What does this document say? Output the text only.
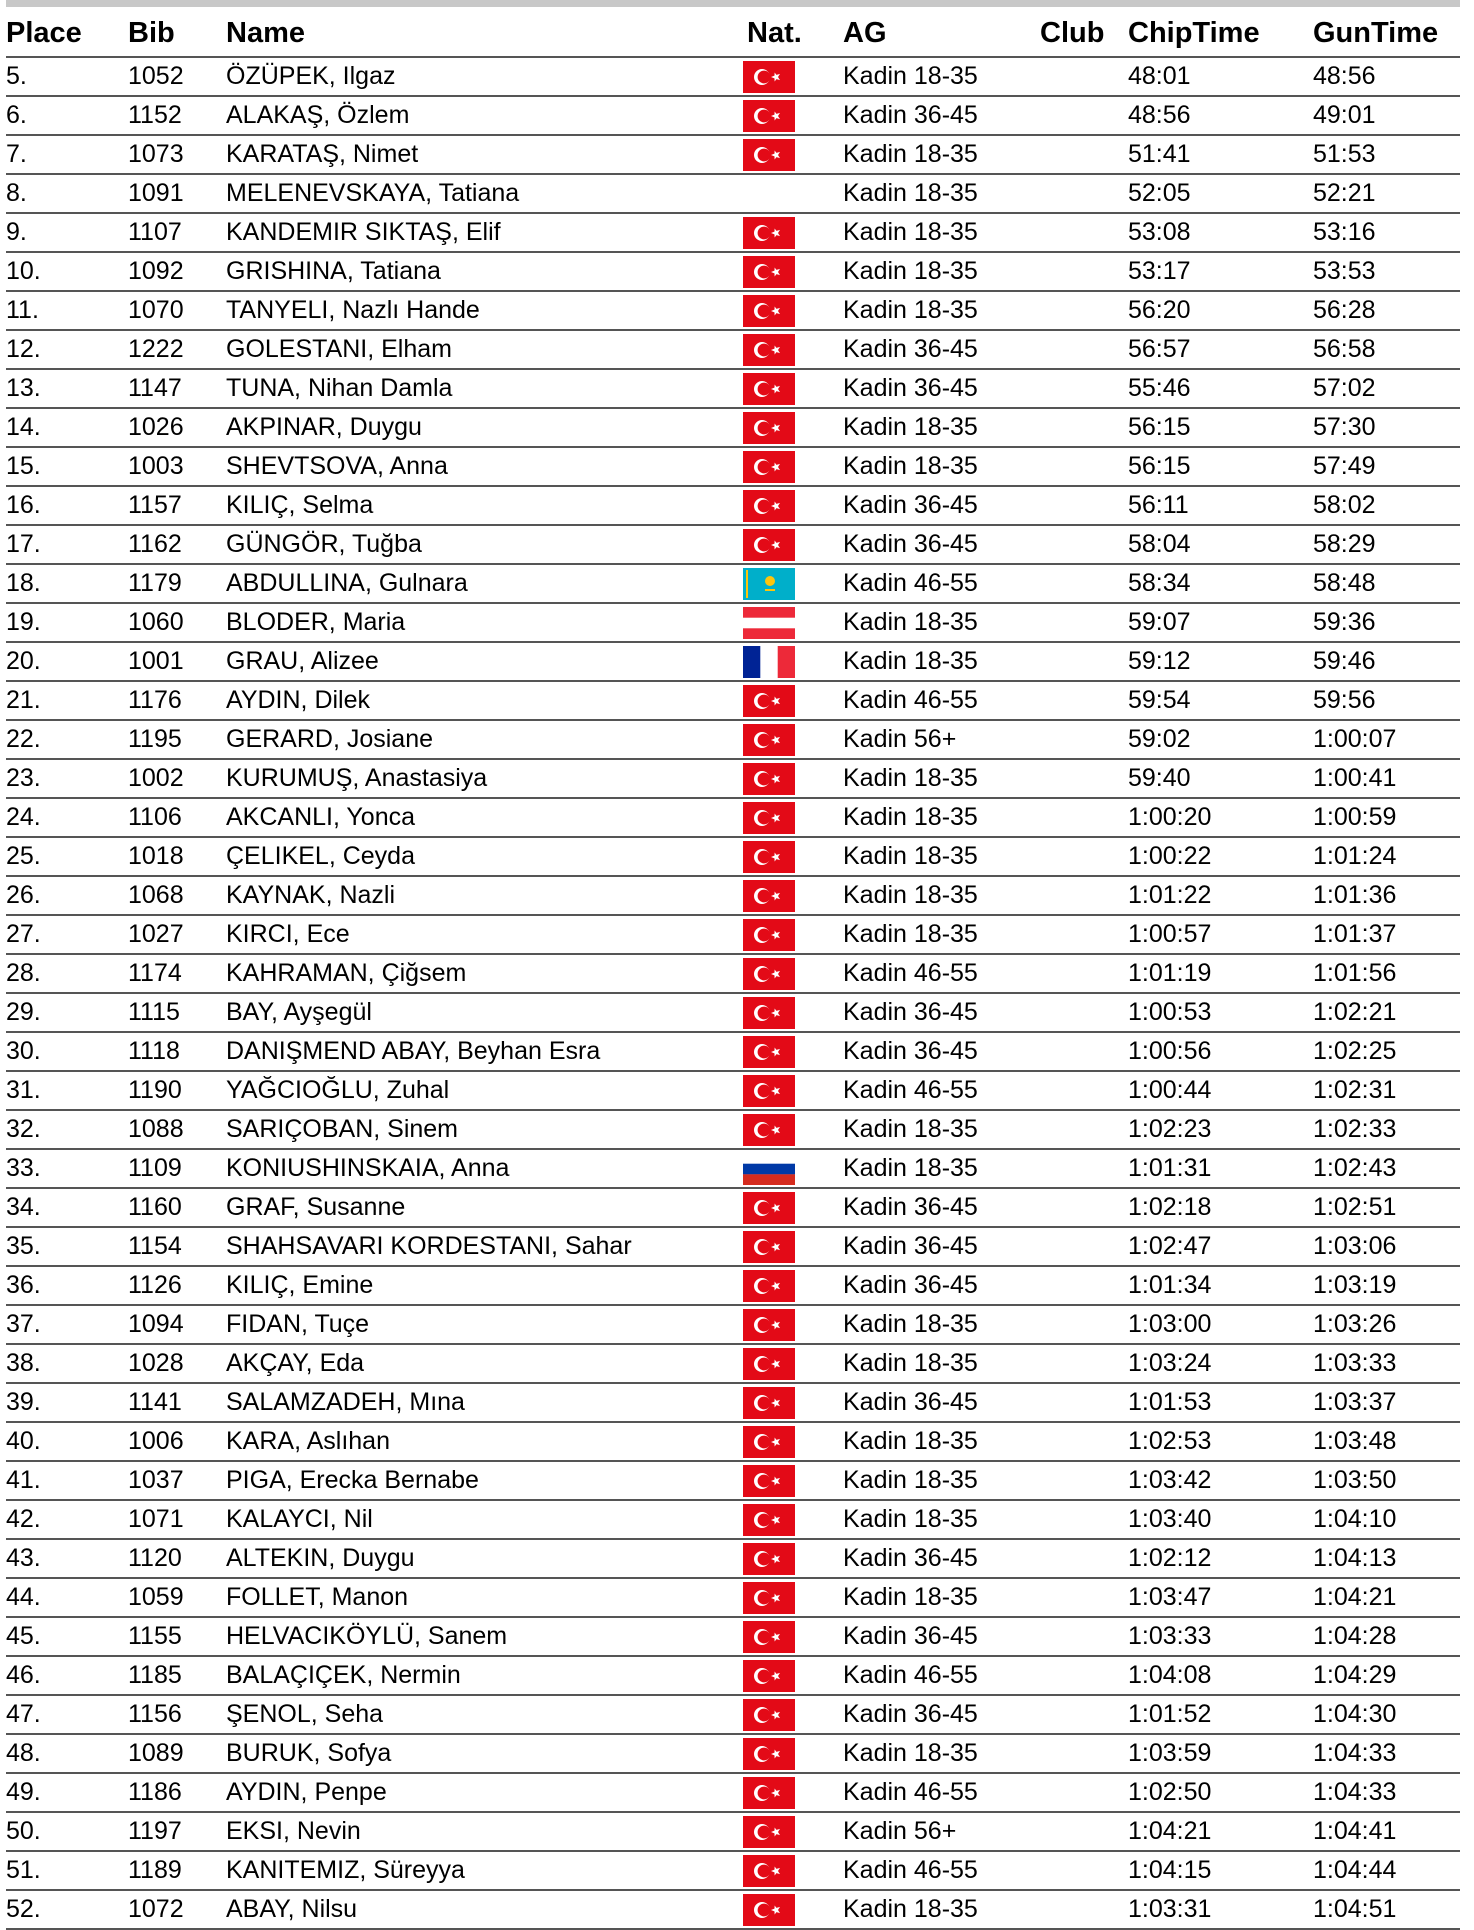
Place	Bib	Name	Nat.	AG	Club	ChipTime	GunTime
5.	1052	ÖZÜPEK, Ilgaz		Kadin 18-35		48:01	48:56
6.	1152	ALAKAŞ, Özlem		Kadin 36-45		48:56	49:01
7.	1073	KARATAŞ, Nimet		Kadin 18-35		51:41	51:53
8.	1091	MELENEVSKAYA, Tatiana		Kadin 18-35		52:05	52:21
9.	1107	KANDEMIR SIKTAŞ, Elif		Kadin 18-35		53:08	53:16
10.	1092	GRISHINA, Tatiana		Kadin 18-35		53:17	53:53
11.	1070	TANYELI, Nazlı Hande		Kadin 18-35		56:20	56:28
12.	1222	GOLESTANI, Elham		Kadin 36-45		56:57	56:58
13.	1147	TUNA, Nihan Damla		Kadin 36-45		55:46	57:02
14.	1026	AKPINAR, Duygu		Kadin 18-35		56:15	57:30
15.	1003	SHEVTSOVA, Anna		Kadin 18-35		56:15	57:49
16.	1157	KILIÇ, Selma		Kadin 36-45		56:11	58:02
17.	1162	GÜNGÖR, Tuğba		Kadin 36-45		58:04	58:29
18.	1179	ABDULLINA, Gulnara		Kadin 46-55		58:34	58:48
19.	1060	BLODER, Maria		Kadin 18-35		59:07	59:36
20.	1001	GRAU, Alizee		Kadin 18-35		59:12	59:46
21.	1176	AYDIN, Dilek		Kadin 46-55		59:54	59:56
22.	1195	GERARD, Josiane		Kadin 56+		59:02	1:00:07
23.	1002	KURUMUŞ, Anastasiya		Kadin 18-35		59:40	1:00:41
24.	1106	AKCANLI, Yonca		Kadin 18-35		1:00:20	1:00:59
25.	1018	ÇELIKEL, Ceyda		Kadin 18-35		1:00:22	1:01:24
26.	1068	KAYNAK, Nazli		Kadin 18-35		1:01:22	1:01:36
27.	1027	KIRCI, Ece		Kadin 18-35		1:00:57	1:01:37
28.	1174	KAHRAMAN, Çiğsem		Kadin 46-55		1:01:19	1:01:56
29.	1115	BAY, Ayşegül		Kadin 36-45		1:00:53	1:02:21
30.	1118	DANIŞMEND ABAY, Beyhan Esra		Kadin 36-45		1:00:56	1:02:25
31.	1190	YAĞCIOĞLU, Zuhal		Kadin 46-55		1:00:44	1:02:31
32.	1088	SARIÇOBAN, Sinem		Kadin 18-35		1:02:23	1:02:33
33.	1109	KONIUSHINSKAIA, Anna		Kadin 18-35		1:01:31	1:02:43
34.	1160	GRAF, Susanne		Kadin 36-45		1:02:18	1:02:51
35.	1154	SHAHSAVARI KORDESTANI, Sahar		Kadin 36-45		1:02:47	1:03:06
36.	1126	KILIÇ, Emine		Kadin 36-45		1:01:34	1:03:19
37.	1094	FIDAN, Tuçe		Kadin 18-35		1:03:00	1:03:26
38.	1028	AKÇAY, Eda		Kadin 18-35		1:03:24	1:03:33
39.	1141	SALAMZADEH, Mına		Kadin 36-45		1:01:53	1:03:37
40.	1006	KARA, Aslıhan		Kadin 18-35		1:02:53	1:03:48
41.	1037	PIGA, Erecka Bernabe		Kadin 18-35		1:03:42	1:03:50
42.	1071	KALAYCI, Nil		Kadin 18-35		1:03:40	1:04:10
43.	1120	ALTEKIN, Duygu		Kadin 36-45		1:02:12	1:04:13
44.	1059	FOLLET, Manon		Kadin 18-35		1:03:47	1:04:21
45.	1155	HELVACIKÖYLÜ, Sanem		Kadin 36-45		1:03:33	1:04:28
46.	1185	BALAÇIÇEK, Nermin		Kadin 46-55		1:04:08	1:04:29
47.	1156	ŞENOL, Seha		Kadin 36-45		1:01:52	1:04:30
48.	1089	BURUK, Sofya		Kadin 18-35		1:03:59	1:04:33
49.	1186	AYDIN, Penpe		Kadin 46-55		1:02:50	1:04:33
50.	1197	EKSI, Nevin		Kadin 56+		1:04:21	1:04:41
51.	1189	KANITEMIZ, Süreyya		Kadin 46-55		1:04:15	1:04:44
52.	1072	ABAY, Nilsu		Kadin 18-35		1:03:31	1:04:51
